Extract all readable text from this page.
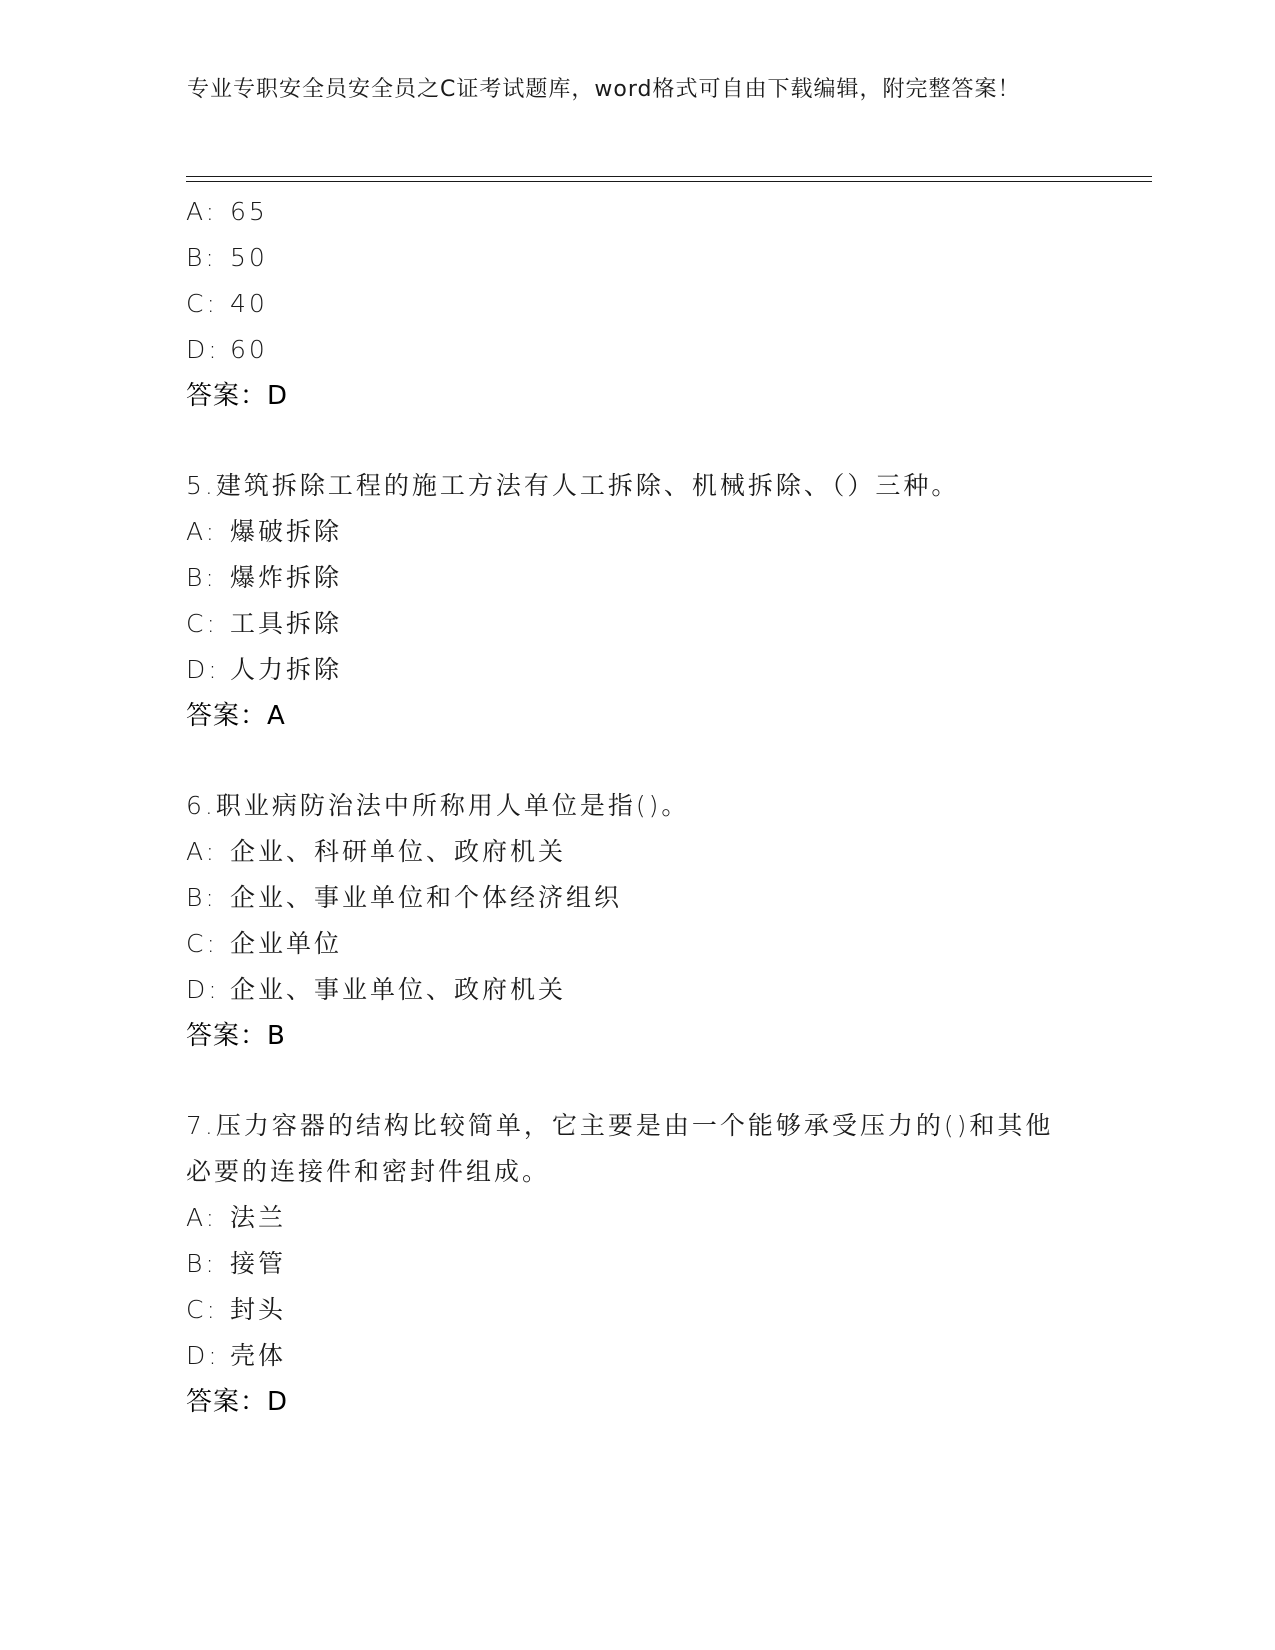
专业专职安全员安全员之C证考试题库，word格式可自由下载编辑，附完整答案！
A: 65
B: 50
C: 40
D: 60
答案：D
5.建筑拆除工程的施工方法有人工拆除、机械拆除、（）三种。
A: 爆破拆除
B: 爆炸拆除
C: 工具拆除
D: 人力拆除
答案：A
6.职业病防治法中所称用人单位是指()。
A: 企业、科研单位、政府机关
B: 企业、事业单位和个体经济组织
C: 企业单位
D: 企业、事业单位、政府机关
答案：B
7.压力容器的结构比较简单，它主要是由一个能够承受压力的()和其他必要的连接件和密封件组成。
A: 法兰
B: 接管
C: 封头
D: 壳体
答案：D
